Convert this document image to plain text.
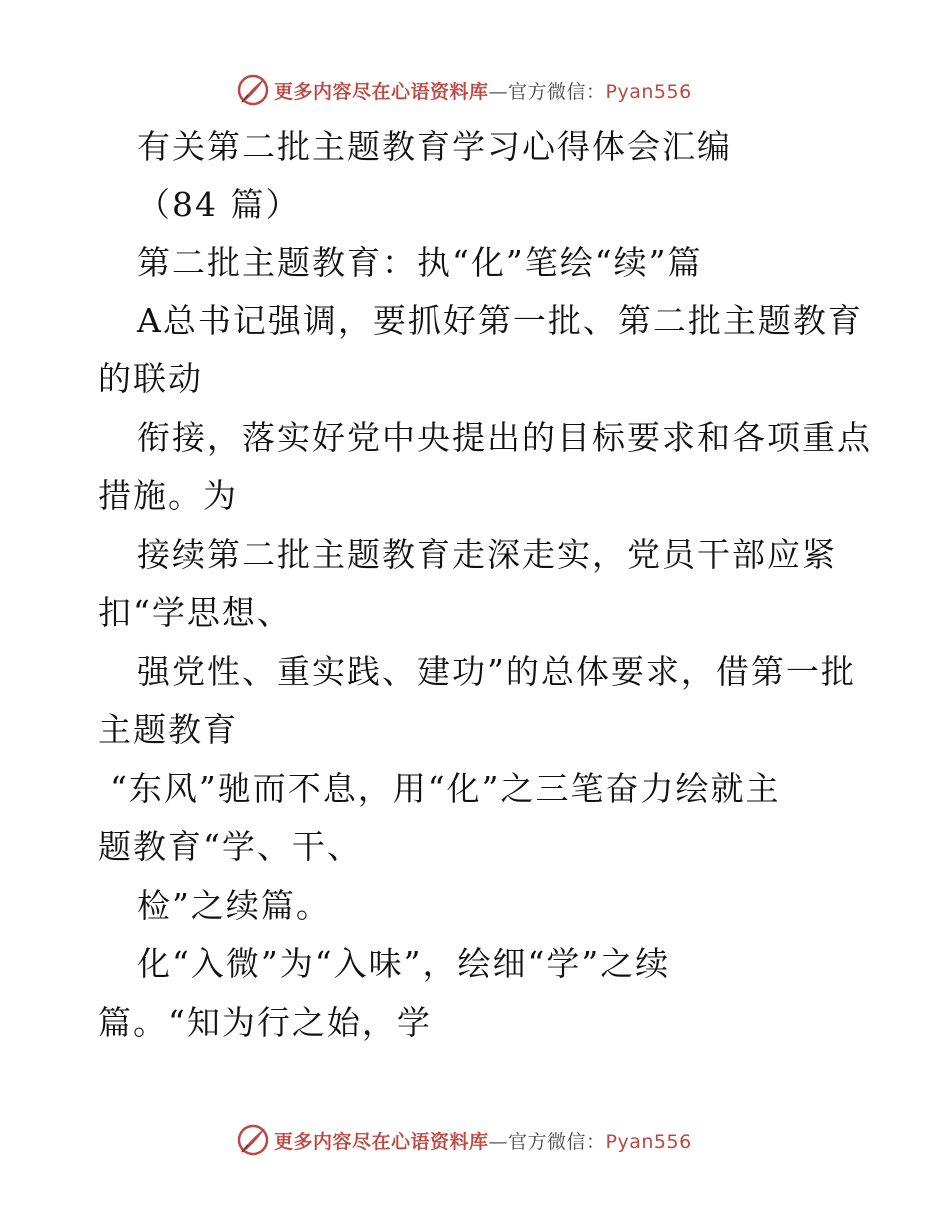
更多内容尽在心语资料库—官方微信：Pyan556
有关第二批主题教育学习心得体会汇编
（84 篇）
第二批主题教育：执“化”笔绘“续”篇
A总书记强调，要抓好第一批、第二批主题教育
的联动
衔接，落实好党中央提出的目标要求和各项重点
措施。为
接续第二批主题教育走深走实，党员干部应紧
扣“学思想、
强党性、重实践、建功”的总体要求，借第一批
主题教育
“东风”驰而不息，用“化”之三笔奋力绘就主
题教育“学、干、
检”之续篇。
化“入微”为“入味”，绘细“学”之续
篇。“知为行之始，学
更多内容尽在心语资料库—官方微信：Pyan556
